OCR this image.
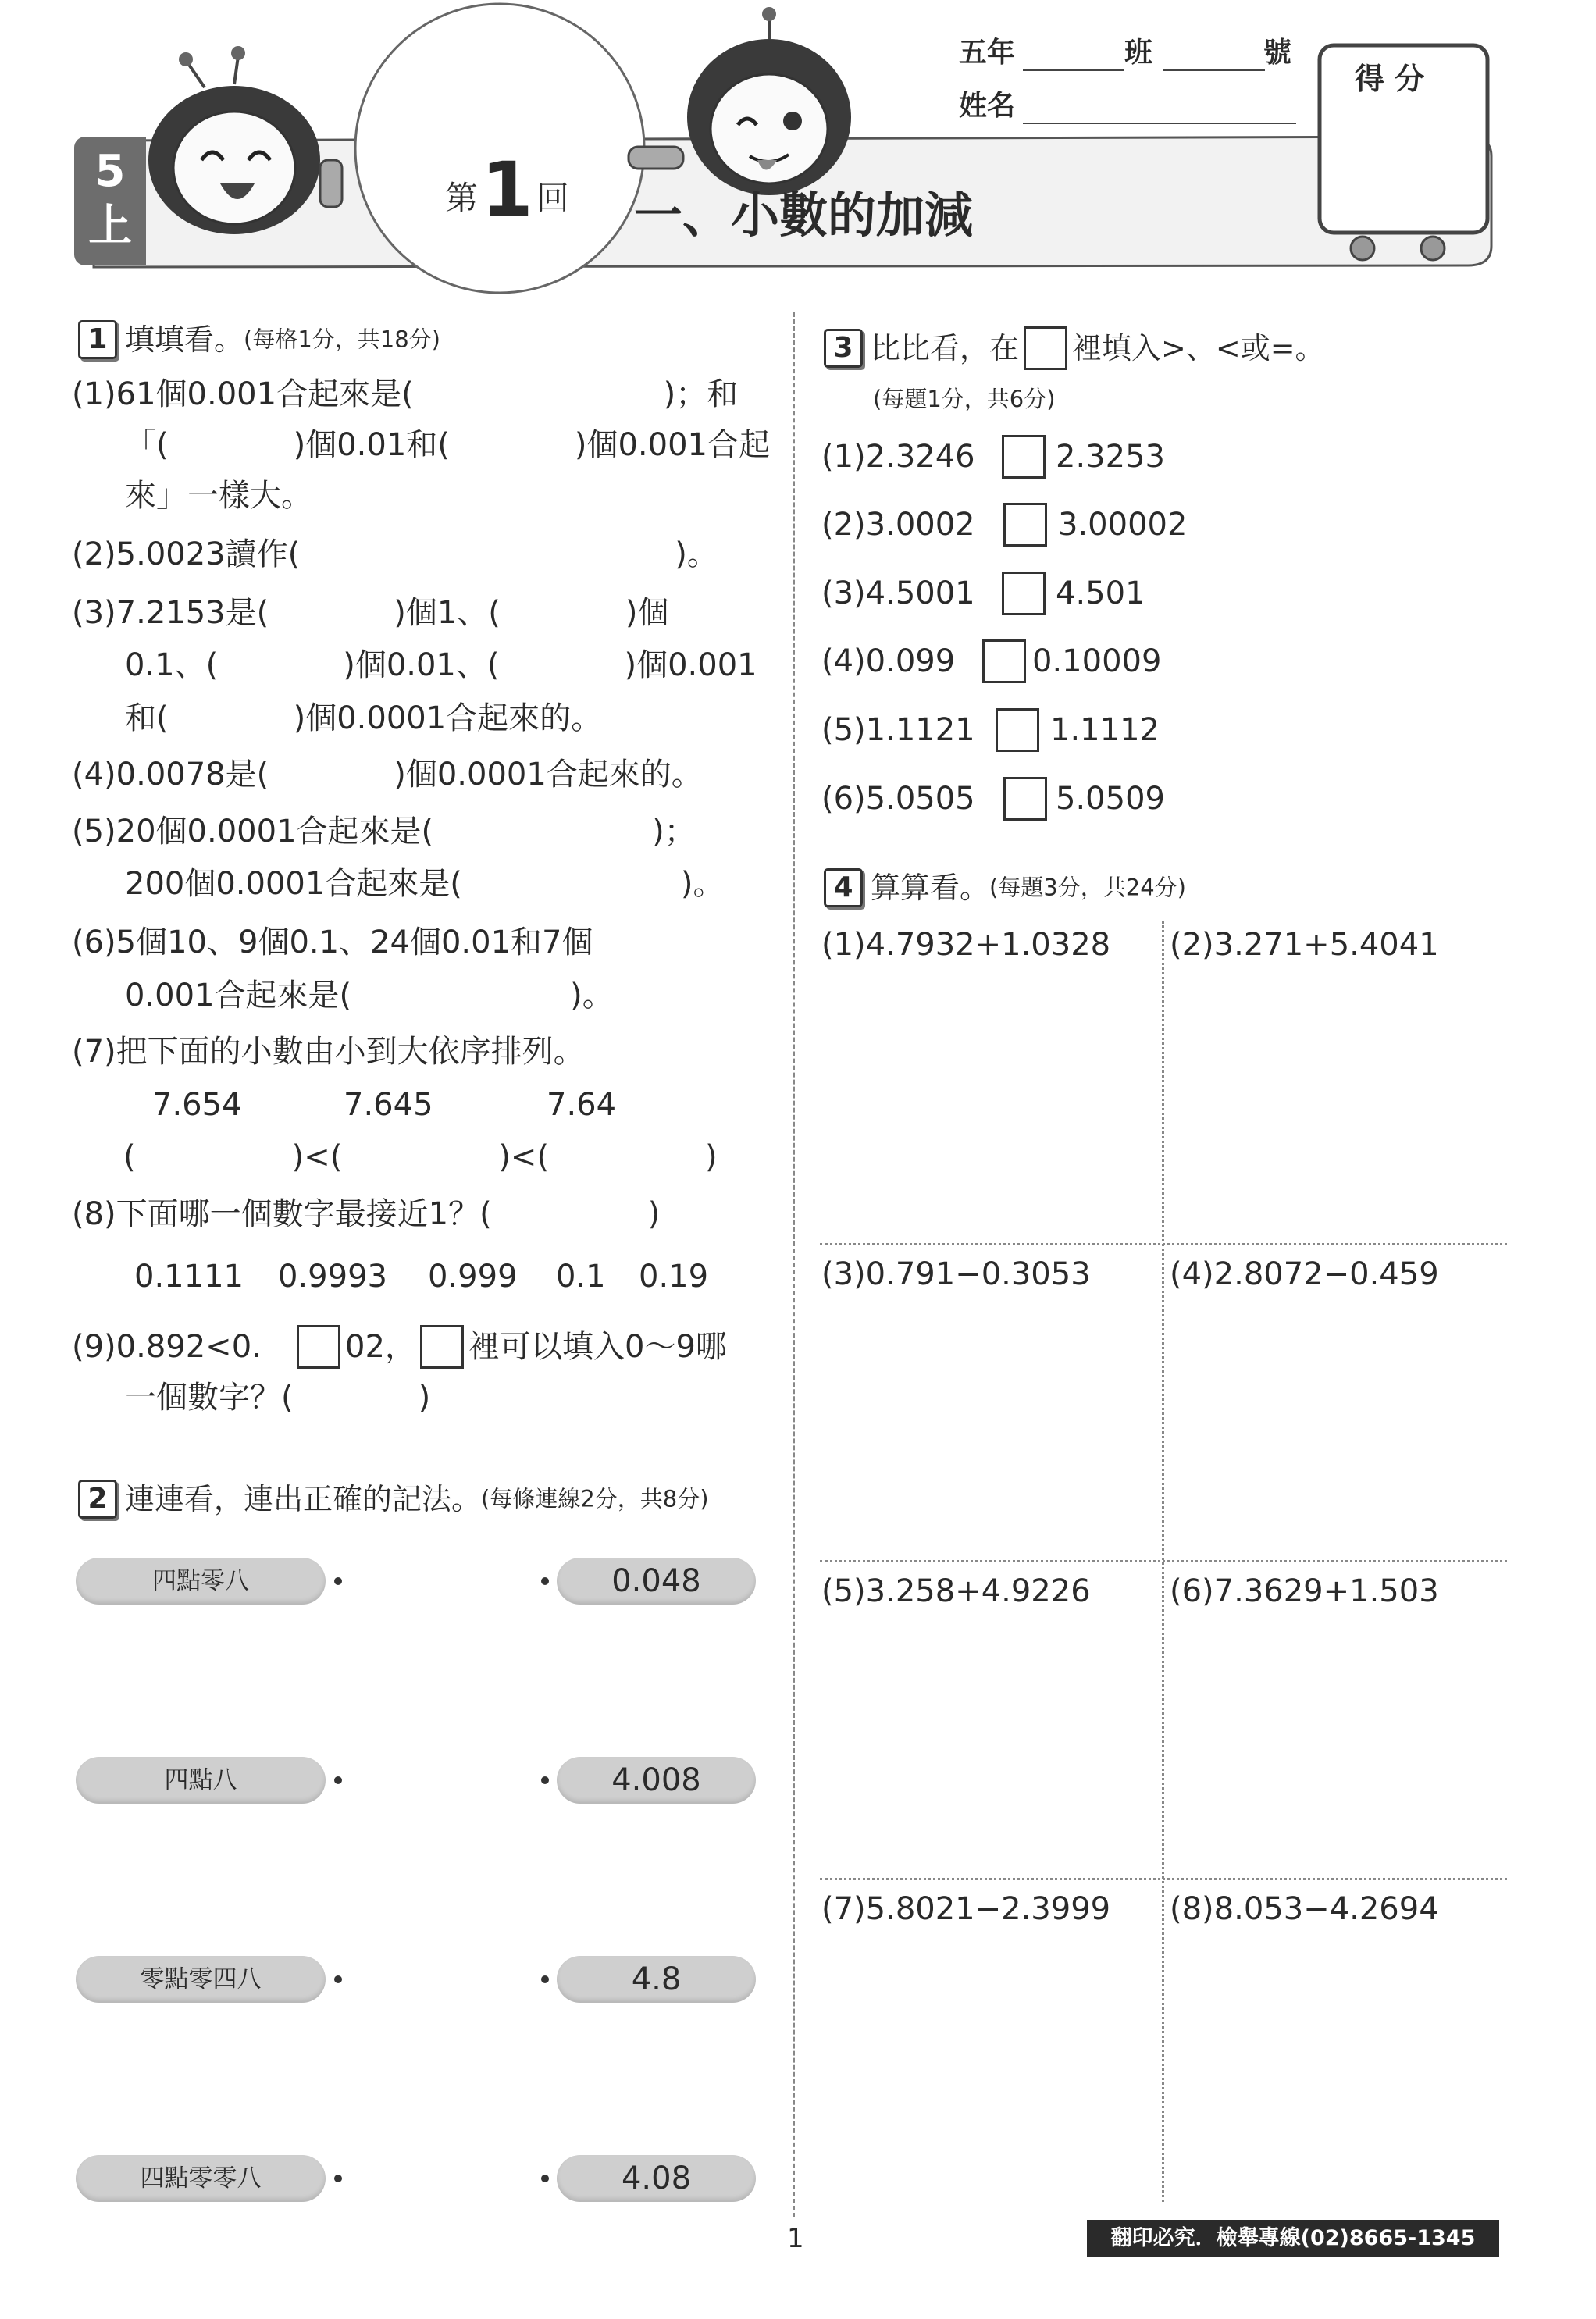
5
上
第1回 一、小數的加減
五年	班	號
姓名
得 分
1 填填看。(每格1分，共18分)
(1)61個0.001合起來是(　　　　　　　　)；和
「(　　　　)個0.01和(　　　　)個0.001合起
來」一樣大。
(2)5.0023讀作(　　　　　　　　　　　　)。
(3)7.2153是(　　　　)個1、(　　　　)個
0.1、(　　　　)個0.01、(　　　　)個0.001
和(　　　　)個0.0001合起來的。
(4)0.0078是(　　　　)個0.0001合起來的。
(5)20個0.0001合起來是(　　　　　　　)；
200個0.0001合起來是(　　　　　　　)。
(6)5個10、9個0.1、24個0.01和7個
0.001合起來是(　　　　　　　)。
(7)把下面的小數由小到大依序排列。
7.654	7.645	7.64
(　　　　　)<(　　　　　)<(　　　　　)
(8)下面哪一個數字最接近1？(　　　　　)
0.1111 0.9993 0.999 0.1 0.19
(9)0.892<0.	02， 裡可以填入0～9哪
一個數字？(　　　　)
2 連連看，連出正確的記法。(每條連線2分，共8分)
四點零八
四點八
零點零四八
四點零零八
0.048
4.008
4.8
4.08
3 比比看，在 裡填入>、<或=。
(每題1分，共6分)
(1)2.3246	2.3253
(2)3.0002	3.00002
(3)4.5001	4.501
(4)0.099 0.10009
(5)1.1121 1.1112
(6)5.0505	5.0509
4 算算看。(每題3分，共24分)
(1)4.7932+1.0328 (2)3.271+5.4041
(3)0.791−0.3053	(4)2.8072−0.459
(5)3.258+4.9226	(6)7.3629+1.503
(7)5.8021−2.3999 (8)8.053−4.2694
1	翻印必究．檢舉專線(02)8665-1345
